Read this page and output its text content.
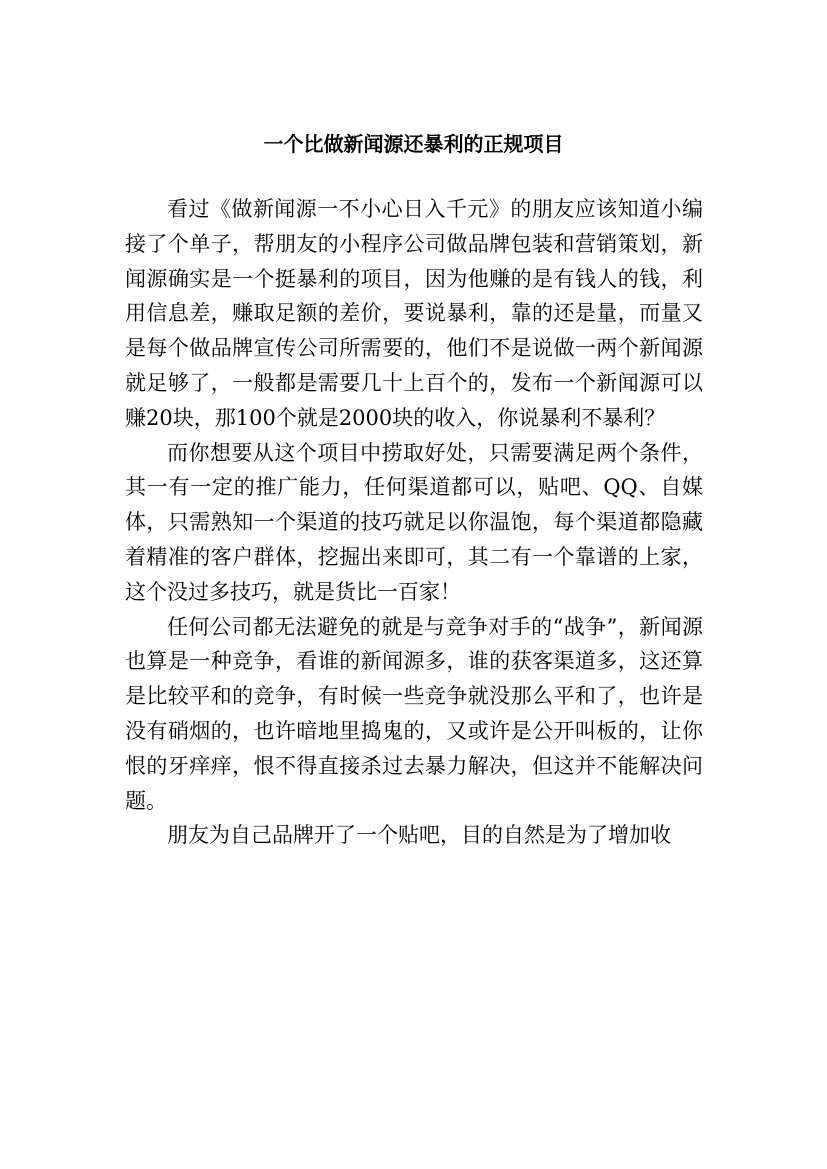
一个比做新闻源还暴利的正规项目

看过《做新闻源一不小心日入千元》的朋友应该知道小编接了个单子，帮朋友的小程序公司做品牌包装和营销策划，新闻源确实是一个挺暴利的项目，因为他赚的是有钱人的钱，利用信息差，赚取足额的差价，要说暴利，靠的还是量，而量又是每个做品牌宣传公司所需要的，他们不是说做一两个新闻源就足够了，一般都是需要几十上百个的，发布一个新闻源可以赚20块，那100个就是2000块的收入，你说暴利不暴利？

而你想要从这个项目中捞取好处，只需要满足两个条件，其一有一定的推广能力，任何渠道都可以，贴吧、QQ、自媒体，只需熟知一个渠道的技巧就足以你温饱，每个渠道都隐藏着精准的客户群体，挖掘出来即可，其二有一个靠谱的上家，这个没过多技巧，就是货比一百家！

任何公司都无法避免的就是与竞争对手的“战争”，新闻源也算是一种竞争，看谁的新闻源多，谁的获客渠道多，这还算是比较平和的竞争，有时候一些竞争就没那么平和了，也许是没有硝烟的，也许暗地里捣鬼的，又或许是公开叫板的，让你恨的牙痒痒，恨不得直接杀过去暴力解决，但这并不能解决问题。

朋友为自己品牌开了一个贴吧，目的自然是为了增加收
